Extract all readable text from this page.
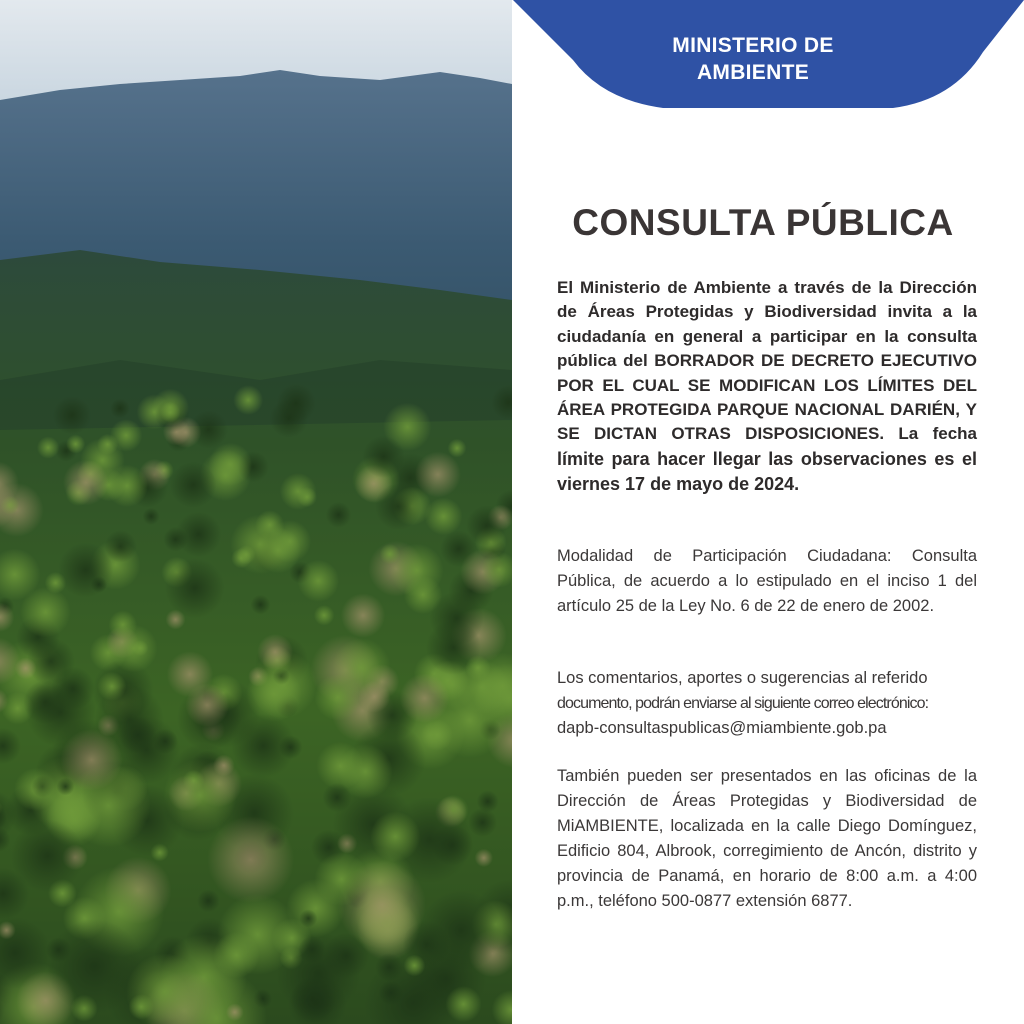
MINISTERIO DE
AMBIENTE
CONSULTA PÚBLICA

El Ministerio de Ambiente a través de la Dirección de Áreas Protegidas y Biodiversidad invita a la ciudadanía en general a participar en la consulta pública del BORRADOR DE DECRETO EJECUTIVO POR EL CUAL SE MODIFICAN LOS LÍMITES DEL ÁREA PROTEGIDA PARQUE NACIONAL DARIÉN, Y SE DICTAN OTRAS DISPOSICIONES. La fecha límite para hacer llegar las observaciones es el viernes 17 de mayo de 2024.

Modalidad de Participación Ciudadana: Consulta Pública, de acuerdo a lo estipulado en el inciso 1 del artículo 25 de la Ley No. 6 de 22 de enero de 2002.

Los comentarios, aportes o sugerencias al referido
documento, podrán enviarse al siguiente correo electrónico:
dapb-consultaspublicas@miambiente.gob.pa

También pueden ser presentados en las oficinas de la Dirección de Áreas Protegidas y Biodiversidad de MiAMBIENTE, localizada en la calle Diego Domínguez, Edificio 804, Albrook, corregimiento de Ancón, distrito y provincia de Panamá, en horario de 8:00 a.m. a 4:00 p.m., teléfono 500-0877 extensión 6877.
